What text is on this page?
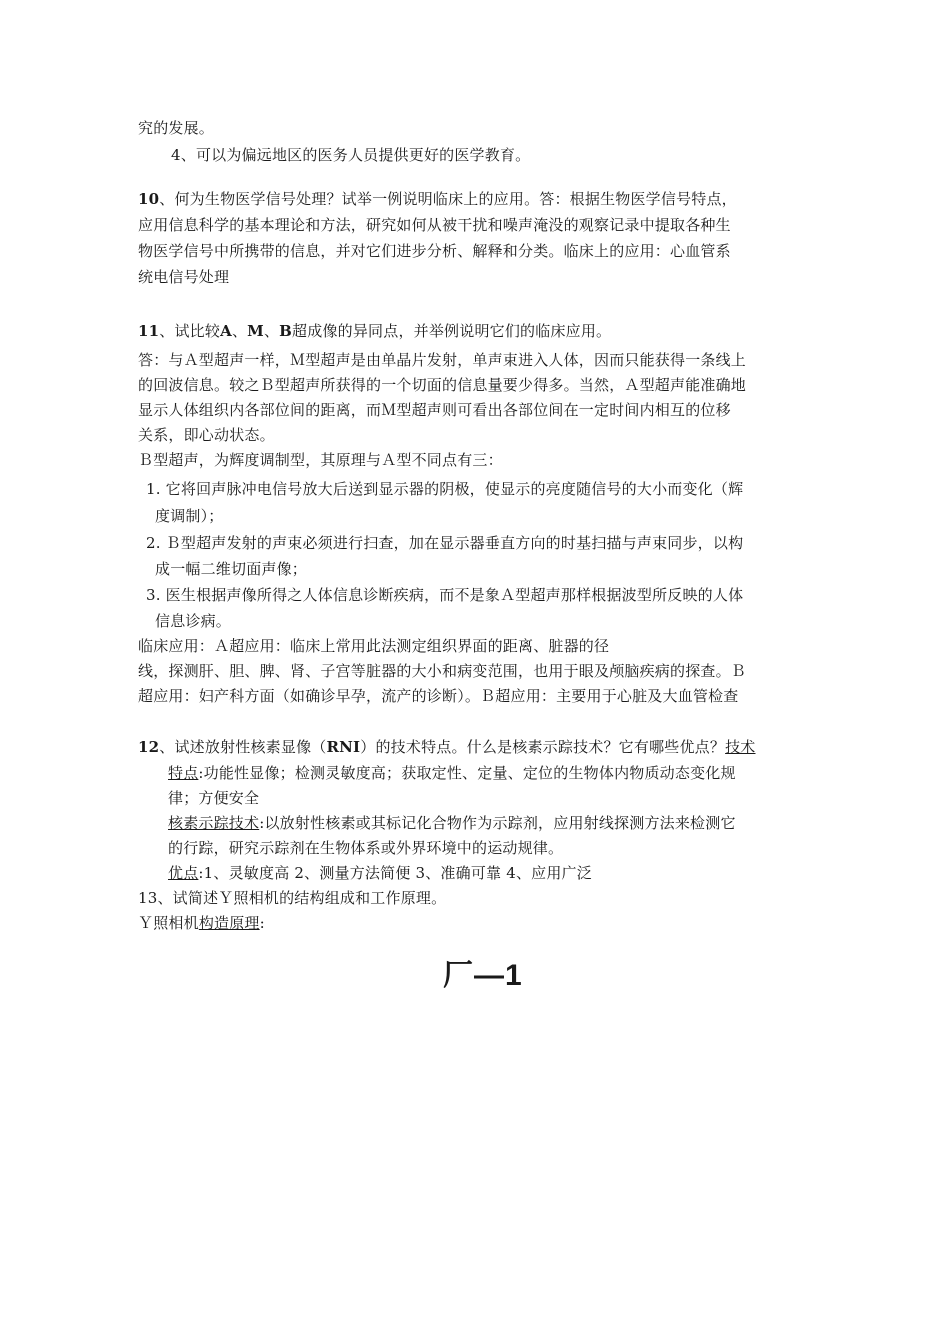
究的发展。
4、可以为偏远地区的医务人员提供更好的医学教育。
10、何为生物医学信号处理？试举一例说明临床上的应用。答：根据生物医学信号特点，
应用信息科学的基本理论和方法，研究如何从被干扰和噪声淹没的观察记录中提取各种生
物医学信号中所携带的信息，并对它们进步分析、解释和分类。临床上的应用：心血管系
统电信号处理
11、试比较A、M、B超成像的异同点，并举例说明它们的临床应用。
答：与Ａ型超声一样，Ｍ型超声是由单晶片发射，单声束进入人体，因而只能获得一条线上
的回波信息。较之Ｂ型超声所获得的一个切面的信息量要少得多。当然，Ａ型超声能准确地
显示人体组织内各部位间的距离，而Ｍ型超声则可看出各部位间在一定时间内相互的位移
关系，即心动状态。
Ｂ型超声，为辉度调制型，其原理与Ａ型不同点有三：
1. 它将回声脉冲电信号放大后送到显示器的阴极，使显示的亮度随信号的大小而变化（辉
度调制）；
2. Ｂ型超声发射的声束必须进行扫查，加在显示器垂直方向的时基扫描与声束同步，以构
成一幅二维切面声像；
3. 医生根据声像所得之人体信息诊断疾病，而不是象Ａ型超声那样根据波型所反映的人体
信息诊病。
临床应用：Ａ超应用：临床上常用此法测定组织界面的距离、脏器的径
线，探测肝、胆、脾、肾、子宫等脏器的大小和病变范围，也用于眼及颅脑疾病的探查。Ｂ
超应用：妇产科方面（如确诊早孕，流产的诊断）。Ｂ超应用：主要用于心脏及大血管检查
12、试述放射性核素显像（RNI）的技术特点。什么是核素示踪技术？它有哪些优点？技术
特点:功能性显像；检测灵敏度高；获取定性、定量、定位的生物体内物质动态变化规
律；方便安全
核素示踪技术:以放射性核素或其标记化合物作为示踪剂，应用射线探测方法来检测它
的行踪，研究示踪剂在生物体系或外界环境中的运动规律。
优点:1、灵敏度高 2、测量方法简便 3、准确可靠 4、应用广泛
13、试简述Ｙ照相机的结构组成和工作原理。
Ｙ照相机构造原理:
厂—1
